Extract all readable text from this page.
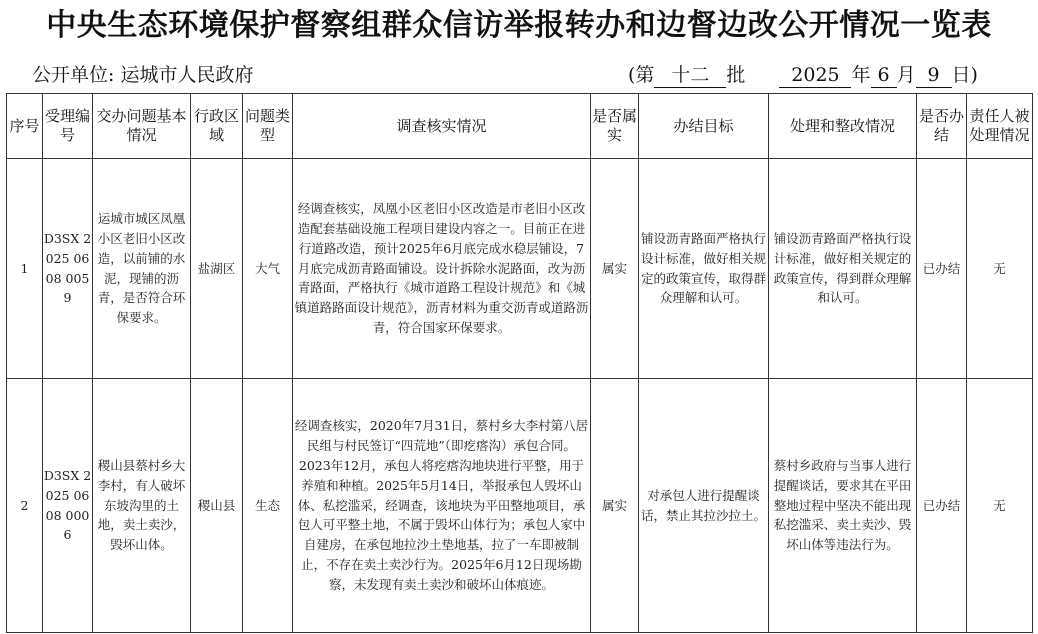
中央生态环境保护督察组群众信访举报转办和边督边改公开情况一览表
公开单位: 运城市人民政府	(第 十二 批 2025 年 6 月 9 日)
序号	受理编号	交办问题基本情况	行政区域	问题类型	调查核实情况	是否属实	办结目标	处理和整改情况	是否办结	责任人被处理情况
1	D3SX 2025 0608 0059	运城市城区凤凰小区老旧小区改造，以前铺的水泥，现铺的沥青，是否符合环保要求。	盐湖区	大气	经调查核实，凤凰小区老旧小区改造是市老旧小区改造配套基础设施工程项目建设内容之一。目前正在进行道路改造，预计2025年6月底完成水稳层铺设，7月底完成沥青路面铺设。设计拆除水泥路面，改为沥青路面，严格执行《城市道路工程设计规范》和《城镇道路路面设计规范》，沥青材料为重交沥青或道路沥青，符合国家环保要求。	属实	铺设沥青路面严格执行设计标准，做好相关规定的政策宣传，取得群众理解和认可。	铺设沥青路面严格执行设计标准，做好相关规定的政策宣传，得到群众理解和认可。	已办结	无
2	D3SX 2025 0608 0006	稷山县蔡村乡大李村，有人破坏东坡沟里的土地，卖土卖沙，毁坏山体。	稷山县	生态	经调查核实，2020年7月31日，蔡村乡大李村第八居民组与村民签订“四荒地”（即疙瘩沟）承包合同。2023年12月，承包人将疙瘩沟地块进行平整，用于养殖和种植。2025年5月14日，举报承包人毁坏山体、私挖滥采，经调查，该地块为平田整地项目，承包人可平整土地，不属于毁坏山体行为；承包人家中自建房，在承包地拉沙土垫地基，拉了一车即被制止，不存在卖土卖沙行为。2025年6月12日现场勘察，未发现有卖土卖沙和破坏山体痕迹。	属实	对承包人进行提醒谈话，禁止其拉沙拉土。	蔡村乡政府与当事人进行提醒谈话，要求其在平田整地过程中坚决不能出现私挖滥采、卖土卖沙、毁坏山体等违法行为。	已办结	无
